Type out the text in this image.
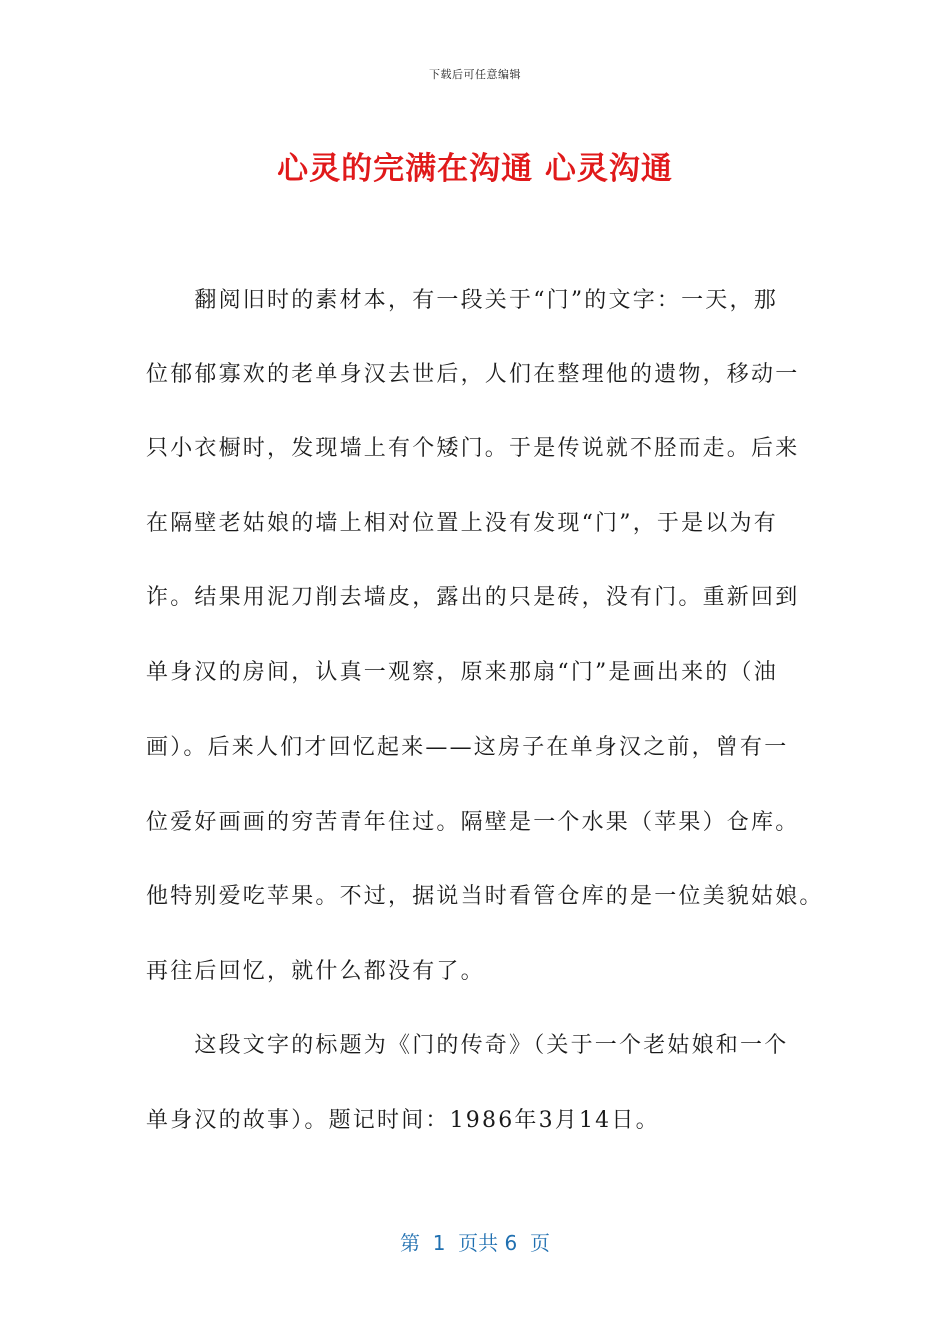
下载后可任意编辑
心灵的完满在沟通 心灵沟通
　　翻阅旧时的素材本，有一段关于“门”的文字：一天，那
位郁郁寡欢的老单身汉去世后，人们在整理他的遗物，移动一
只小衣橱时，发现墙上有个矮门。于是传说就不胫而走。后来
在隔壁老姑娘的墙上相对位置上没有发现“门”，于是以为有
诈。结果用泥刀削去墙皮，露出的只是砖，没有门。重新回到
单身汉的房间，认真一观察，原来那扇“门”是画出来的（油
画）。后来人们才回忆起来——这房子在单身汉之前，曾有一
位爱好画画的穷苦青年住过。隔壁是一个水果（苹果）仓库。
他特别爱吃苹果。不过，据说当时看管仓库的是一位美貌姑娘。
再往后回忆，就什么都没有了。
　　这段文字的标题为《门的传奇》（关于一个老姑娘和一个
单身汉的故事）。题记时间：1986年3月14日。
第  1  页共 6  页
